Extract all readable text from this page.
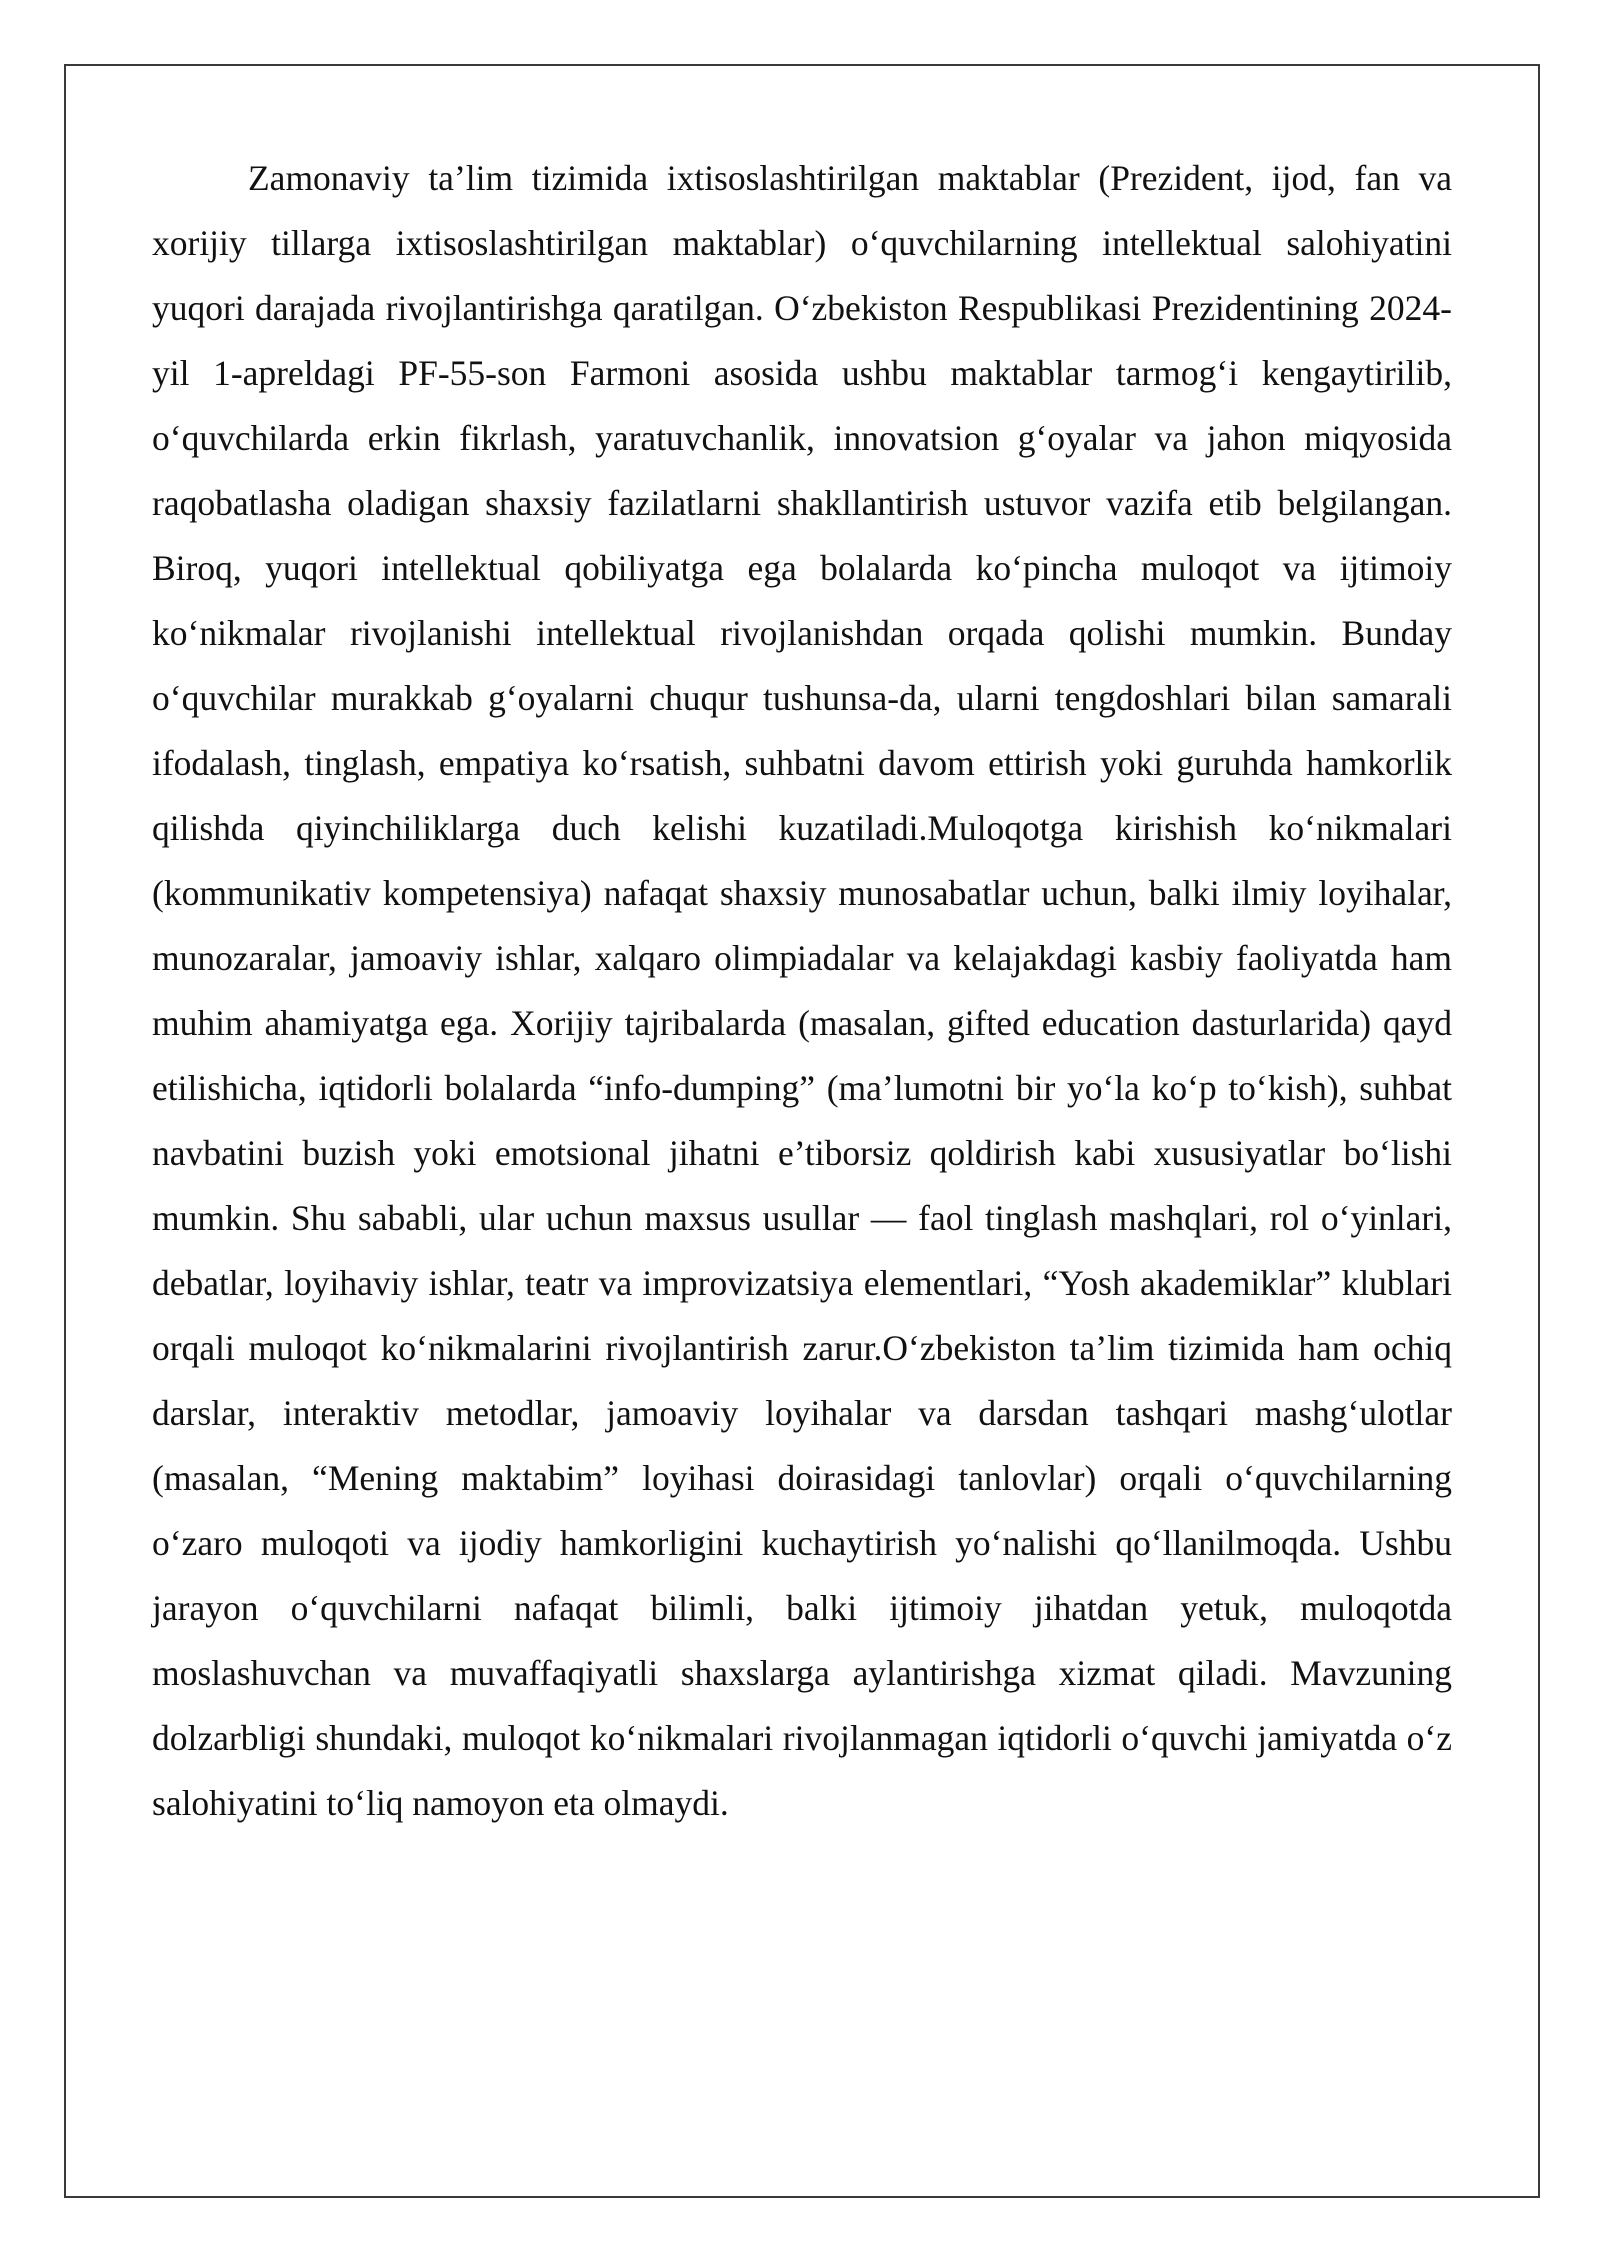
Zamonaviy ta’lim tizimida ixtisoslashtirilgan maktablar (Prezident, ijod, fan va xorijiy tillarga ixtisoslashtirilgan maktablar) o‘quvchilarning intellektual salohiyatini yuqori darajada rivojlantirishga qaratilgan. O‘zbekiston Respublikasi Prezidentining 2024-yil 1-apreldagi PF-55-son Farmoni asosida ushbu maktablar tarmog‘i kengaytirilib, o‘quvchilarda erkin fikrlash, yaratuvchanlik, innovatsion g‘oyalar va jahon miqyosida raqobatlasha oladigan shaxsiy fazilatlarni shakllantirish ustuvor vazifa etib belgilangan. Biroq, yuqori intellektual qobiliyatga ega bolalarda ko‘pincha muloqot va ijtimoiy ko‘nikmalar rivojlanishi intellektual rivojlanishdan orqada qolishi mumkin. Bunday o‘quvchilar murakkab g‘oyalarni chuqur tushunsa-da, ularni tengdoshlari bilan samarali ifodalash, tinglash, empatiya ko‘rsatish, suhbatni davom ettirish yoki guruhda hamkorlik qilishda qiyinchiliklarga duch kelishi kuzatiladi.Muloqotga kirishish ko‘nikmalari (kommunikativ kompetensiya) nafaqat shaxsiy munosabatlar uchun, balki ilmiy loyihalar, munozaralar, jamoaviy ishlar, xalqaro olimpiadalar va kelajakdagi kasbiy faoliyatda ham muhim ahamiyatga ega. Xorijiy tajribalarda (masalan, gifted education dasturlarida) qayd etilishicha, iqtidorli bolalarda “info-dumping” (ma’lumotni bir yo‘la ko‘p to‘kish), suhbat navbatini buzish yoki emotsional jihatni e’tiborsiz qoldirish kabi xususiyatlar bo‘lishi mumkin. Shu sababli, ular uchun maxsus usullar — faol tinglash mashqlari, rol o‘yinlari, debatlar, loyihaviy ishlar, teatr va improvizatsiya elementlari, “Yosh akademiklar” klublari orqali muloqot ko‘nikmalarini rivojlantirish zarur.O‘zbekiston ta’lim tizimida ham ochiq darslar, interaktiv metodlar, jamoaviy loyihalar va darsdan tashqari mashg‘ulotlar (masalan, “Mening maktabim” loyihasi doirasidagi tanlovlar) orqali o‘quvchilarning o‘zaro muloqoti va ijodiy hamkorligini kuchaytirish yo‘nalishi qo‘llanilmoqda. Ushbu jarayon o‘quvchilarni nafaqat bilimli, balki ijtimoiy jihatdan yetuk, muloqotda moslashuvchan va muvaffaqiyatli shaxslarga aylantirishga xizmat qiladi. Mavzuning dolzarbligi shundaki, muloqot ko‘nikmalari rivojlanmagan iqtidorli o‘quvchi jamiyatda o‘z salohiyatini to‘liq namoyon eta olmaydi.
